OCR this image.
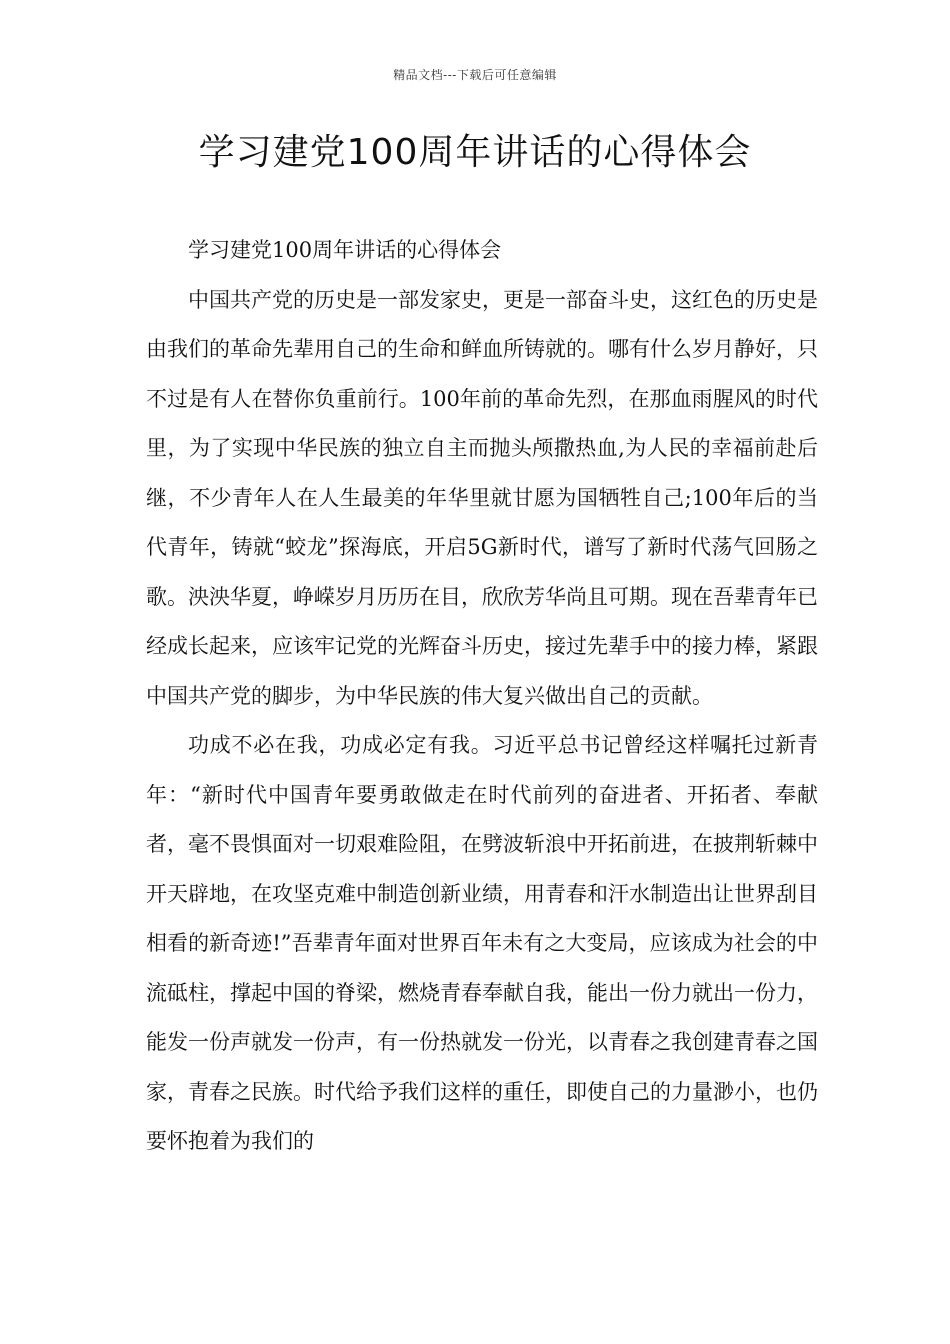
精品文档---下载后可任意编辑
学习建党100周年讲话的心得体会

学习建党100周年讲话的心得体会

中国共产党的历史是一部发家史，更是一部奋斗史，这红色的历史是由我们的革命先辈用自己的生命和鲜血所铸就的。哪有什么岁月静好，只不过是有人在替你负重前行。100年前的革命先烈，在那血雨腥风的时代里，为了实现中华民族的独立自主而抛头颅撒热血,为人民的幸福前赴后继，不少青年人在人生最美的年华里就甘愿为国牺牲自己;100年后的当代青年，铸就“蛟龙”探海底，开启5G新时代，谱写了新时代荡气回肠之歌。泱泱华夏，峥嵘岁月历历在目，欣欣芳华尚且可期。现在吾辈青年已经成长起来，应该牢记党的光辉奋斗历史，接过先辈手中的接力棒，紧跟中国共产党的脚步，为中华民族的伟大复兴做出自己的贡献。

功成不必在我，功成必定有我。习近平总书记曾经这样嘱托过新青年：“新时代中国青年要勇敢做走在时代前列的奋进者、开拓者、奉献者，毫不畏惧面对一切艰难险阻，在劈波斩浪中开拓前进，在披荆斩棘中开天辟地，在攻坚克难中制造创新业绩，用青春和汗水制造出让世界刮目相看的新奇迹!”吾辈青年面对世界百年未有之大变局，应该成为社会的中流砥柱，撑起中国的脊梁，燃烧青春奉献自我，能出一份力就出一份力，能发一份声就发一份声，有一份热就发一份光，以青春之我创建青春之国家，青春之民族。时代给予我们这样的重任，即使自己的力量渺小，也仍要怀抱着为我们的
